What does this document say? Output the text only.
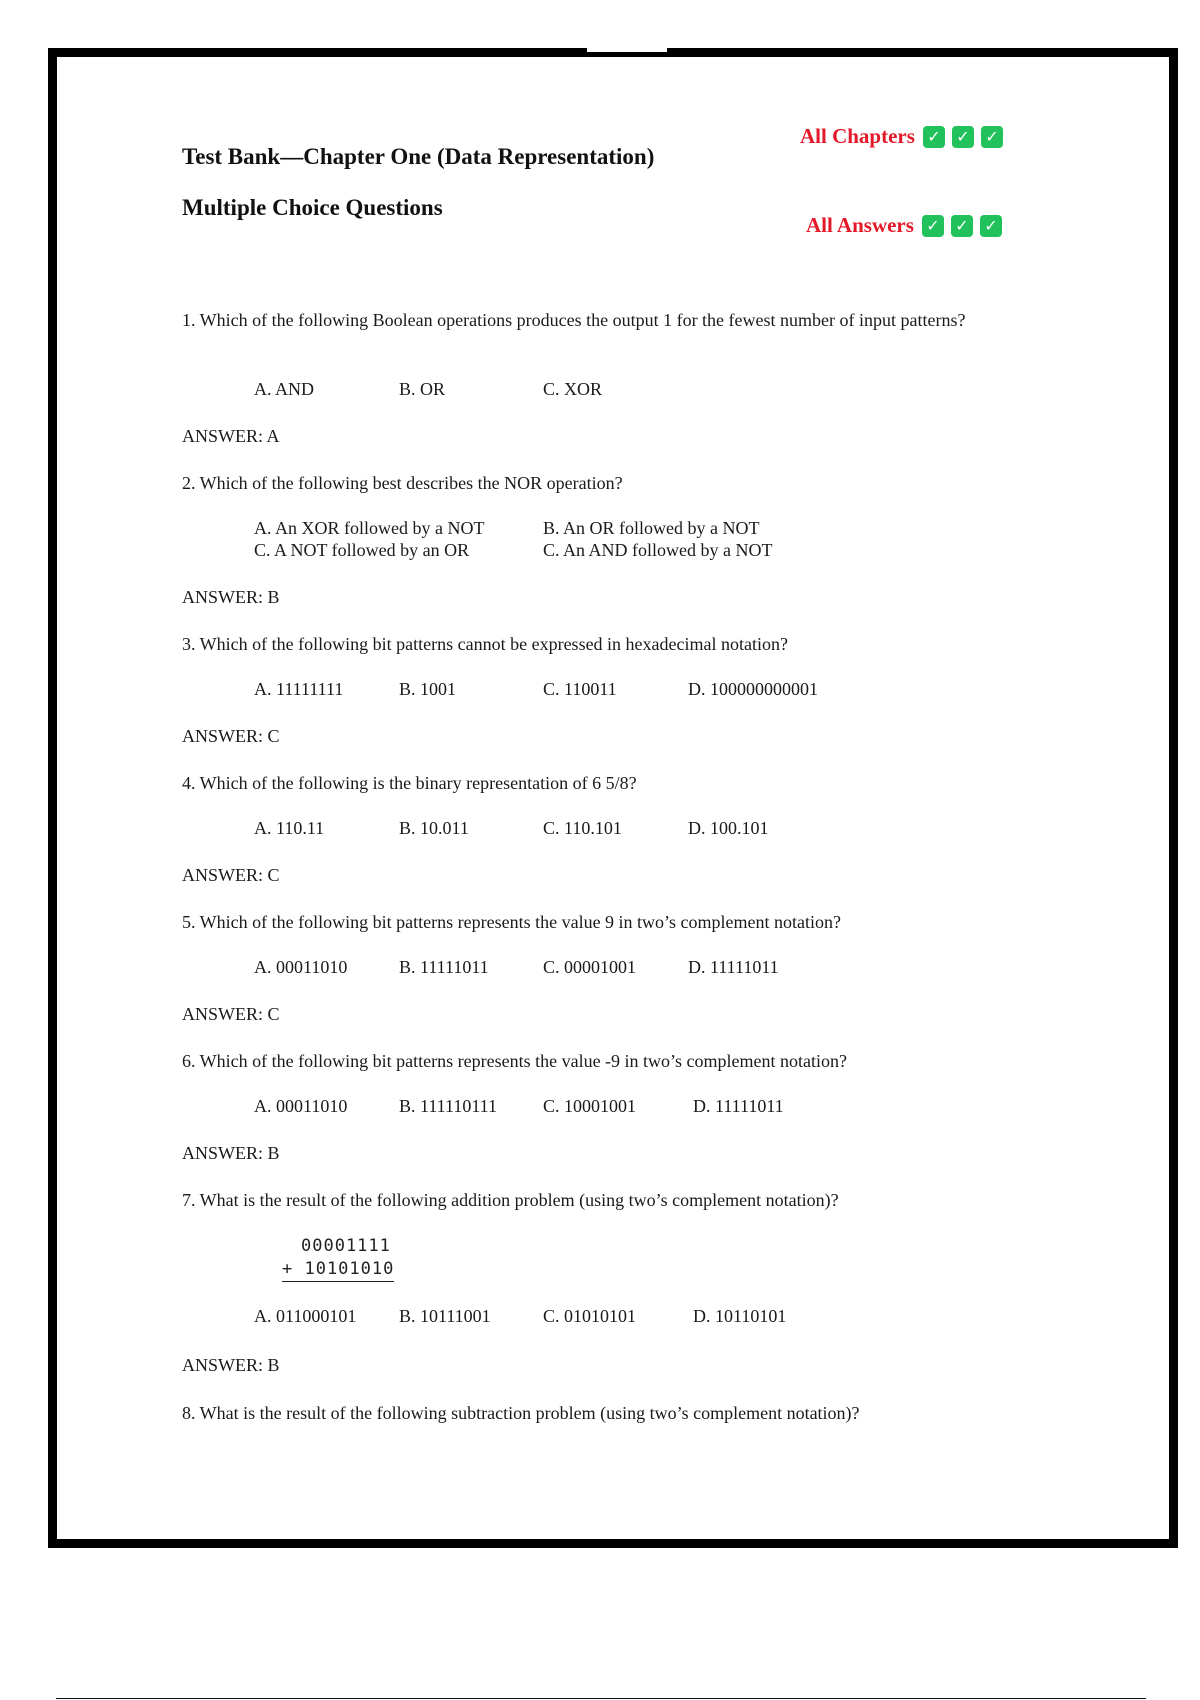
Test Bank—Chapter One (Data Representation)
Multiple Choice Questions
All Chapters ✓ ✓ ✓
All Answers ✓ ✓ ✓
1. Which of the following Boolean operations produces the output 1 for the fewest number of input patterns?
A. AND	B. OR	C. XOR
ANSWER: A
2. Which of the following best describes the NOR operation?
A. An XOR followed by a NOT	B. An OR followed by a NOT
C. A NOT followed by an OR	C. An AND followed by a NOT
ANSWER: B
3. Which of the following bit patterns cannot be expressed in hexadecimal notation?
A. 11111111	B. 1001	C. 110011	D. 100000000001
ANSWER: C
4. Which of the following is the binary representation of 6 5/8?
A. 110.11	B. 10.011	C. 110.101	D. 100.101
ANSWER: C
5. Which of the following bit patterns represents the value 9 in two’s complement notation?
A. 00011010	B. 11111011	C. 00001001	D. 11111011
ANSWER: C
6. Which of the following bit patterns represents the value -9 in two’s complement notation?
A. 00011010	B. 111110111	C. 10001001	D. 11111011
ANSWER: B
7. What is the result of the following addition problem (using two’s complement notation)?
00001111
+ 10101010
A. 011000101 B. 10111001	C. 01010101	D. 10110101
ANSWER: B
8. What is the result of the following subtraction problem (using two’s complement notation)?
